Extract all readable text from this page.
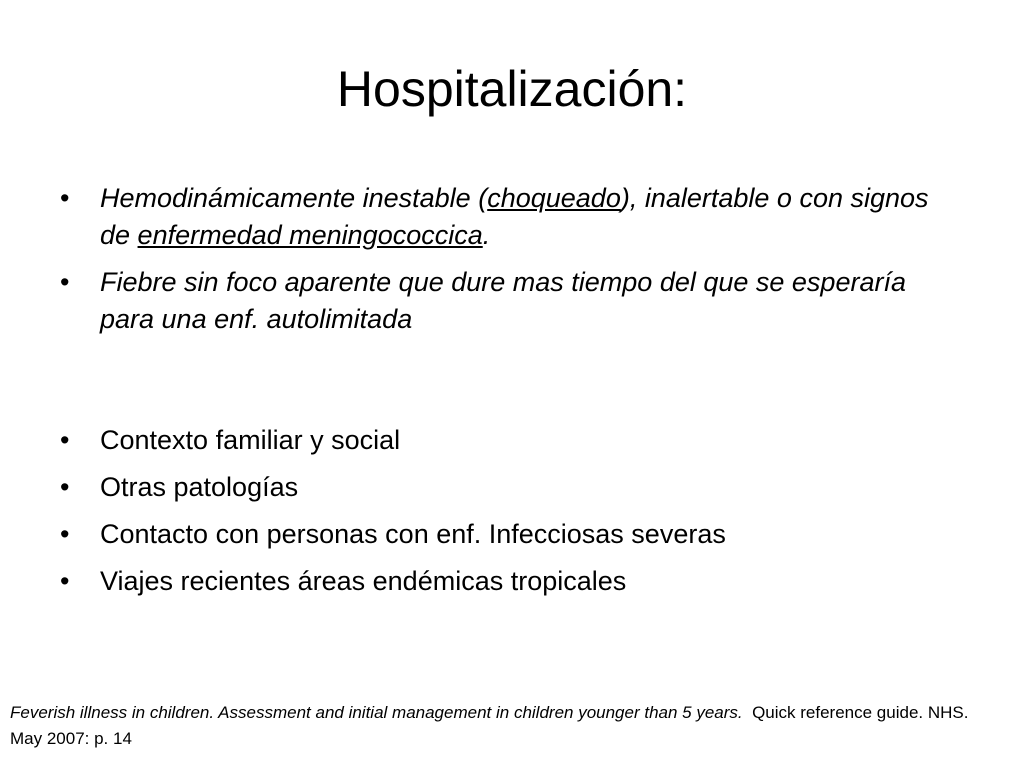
Hospitalización:
• Hemodinámicamente inestable (choqueado), inalertable o con signos de enfermedad meningococcica.
• Fiebre sin foco aparente que dure mas tiempo del que se esperaría para una enf. autolimitada
• Contexto familiar y social
• Otras patologías
• Contacto con personas con enf. Infecciosas severas
• Viajes recientes áreas endémicas tropicales
Feverish illness in children. Assessment and initial management in children younger than 5 years.  Quick reference guide. NHS.  May 2007: p. 14
